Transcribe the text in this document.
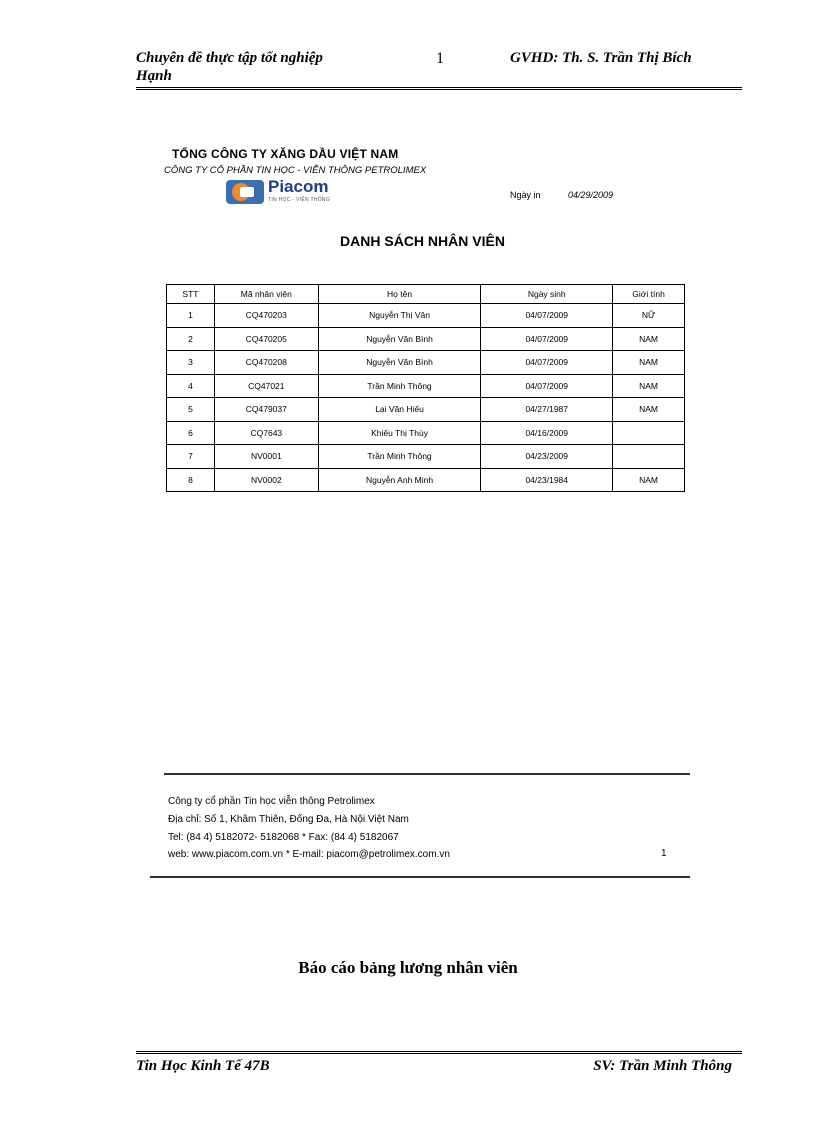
Chuyên đề thực tập tốt nghiệp
Hạnh
1	GVHD: Th. S. Trần Thị Bích
TỔNG CÔNG TY XĂNG DẦU VIỆT NAM
CÔNG TY CỔ PHẦN TIN HỌC - VIỄN THÔNG PETROLIMEX
Piacom
TIN HỌC - VIỄN THÔNG	Ngày in	04/29/2009
DANH SÁCH NHÂN VIÊN
STT	Mã nhân viên	Họ tên	Ngày sinh	Giới tính
1	CQ470203	Nguyễn Thị Vân	04/07/2009	NỮ
2	CQ470205	Nguyễn Văn Bình	04/07/2009	NAM
3	CQ470208	Nguyễn Văn Bình	04/07/2009	NAM
4	CQ47021	Trần Minh Thông	04/07/2009	NAM
5	CQ479037	Lại Văn Hiếu	04/27/1987	NAM
6	CQ7643	Khiếu Thị Thùy	04/16/2009	
7	NV0001	Trần Minh Thông	04/23/2009	
8	NV0002	Nguyễn Anh Minh	04/23/1984	NAM
Công ty cổ phần Tin học viễn thông Petrolimex
Địa chỉ: Số 1, Khâm Thiên, Đống Đa, Hà Nội Việt Nam
Tel: (84 4) 5182072- 5182068 * Fax: (84 4) 5182067
web: www.piacom.com.vn * E-mail: piacom@petrolimex.com.vn	1
Báo cáo bảng lương nhân viên
Tin Học Kinh Tế 47B	SV: Trần Minh Thông
